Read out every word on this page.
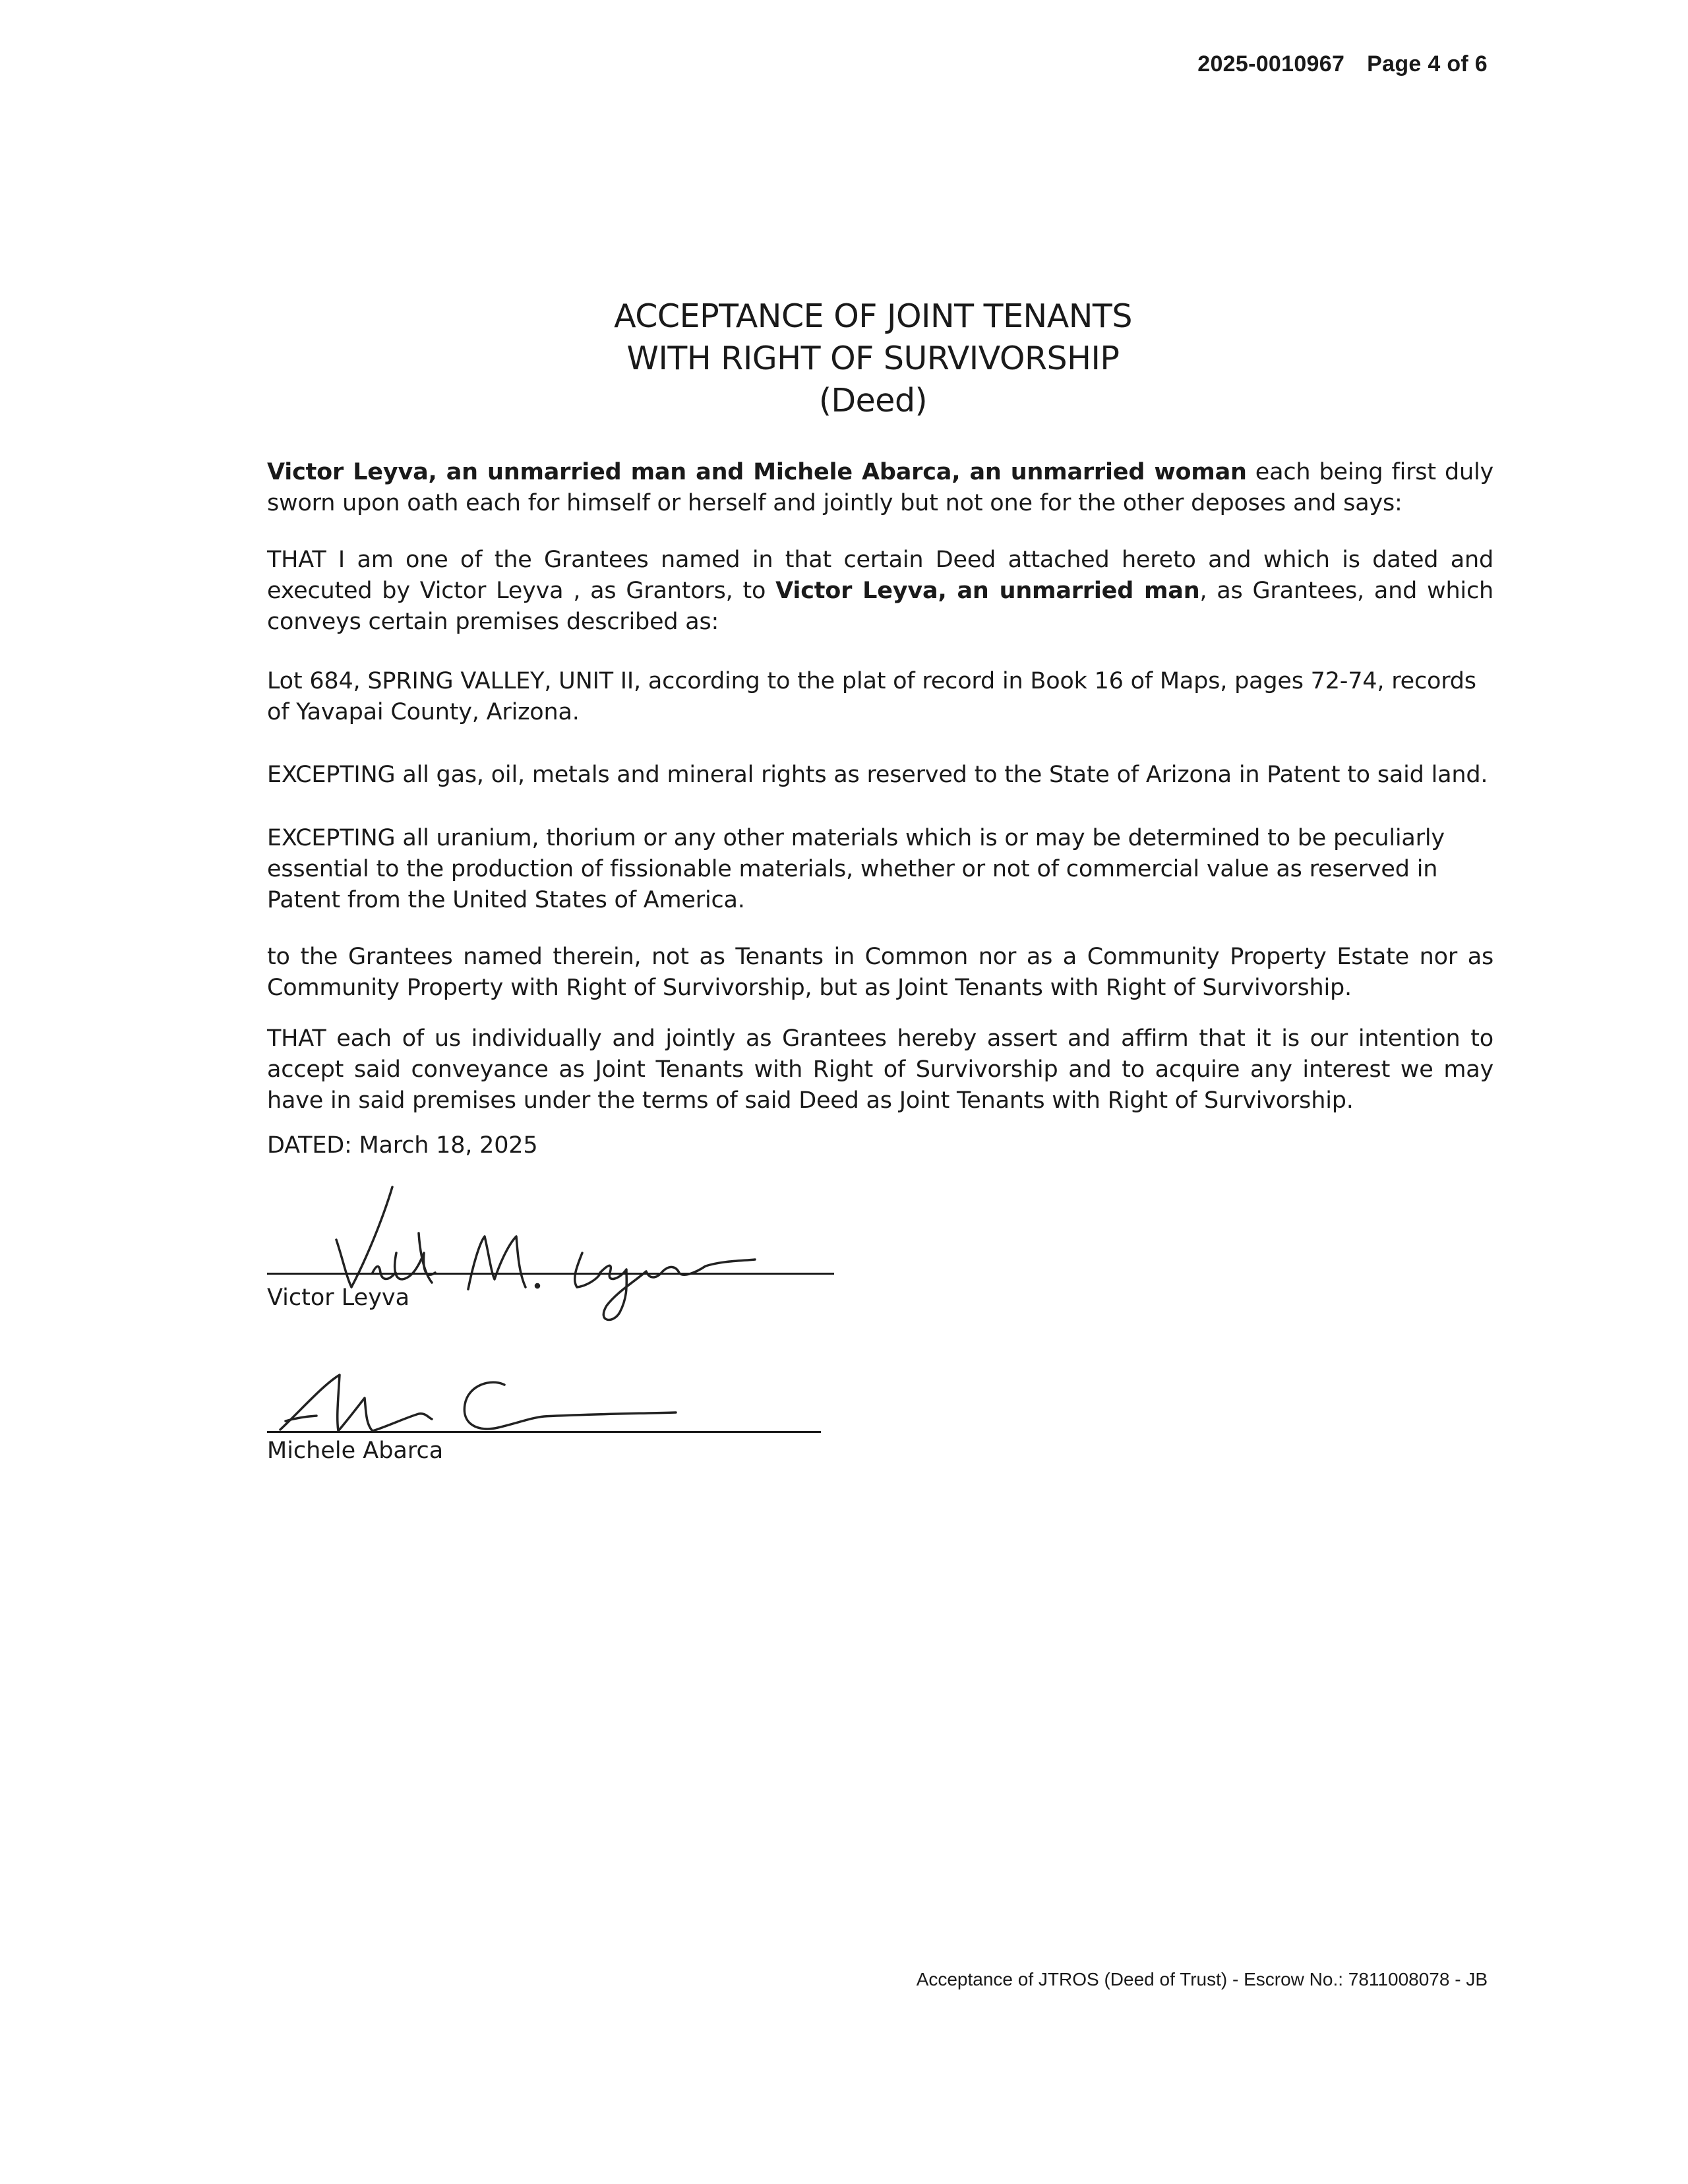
2025-0010967 Page 4 of 6
ACCEPTANCE OF JOINT TENANTS
WITH RIGHT OF SURVIVORSHIP
(Deed)

Victor Leyva, an unmarried man and Michele Abarca, an unmarried woman each being first duly sworn upon oath each for himself or herself and jointly but not one for the other deposes and says:

THAT I am one of the Grantees named in that certain Deed attached hereto and which is dated and executed by Victor Leyva , as Grantors, to Victor Leyva, an unmarried man, as Grantees, and which conveys certain premises described as:

Lot 684, SPRING VALLEY, UNIT II, according to the plat of record in Book 16 of Maps, pages 72-74, records of Yavapai County, Arizona.

EXCEPTING all gas, oil, metals and mineral rights as reserved to the State of Arizona in Patent to said land.

EXCEPTING all uranium, thorium or any other materials which is or may be determined to be peculiarly essential to the production of fissionable materials, whether or not of commercial value as reserved in Patent from the United States of America.

to the Grantees named therein, not as Tenants in Common nor as a Community Property Estate nor as Community Property with Right of Survivorship, but as Joint Tenants with Right of Survivorship.

THAT each of us individually and jointly as Grantees hereby assert and affirm that it is our intention to accept said conveyance as Joint Tenants with Right of Survivorship and to acquire any interest we may have in said premises under the terms of said Deed as Joint Tenants with Right of Survivorship.

DATED: March 18, 2025

Victor Leyva
Michele Abarca
Acceptance of JTROS (Deed of Trust) - Escrow No.: 7811008078 - JB
